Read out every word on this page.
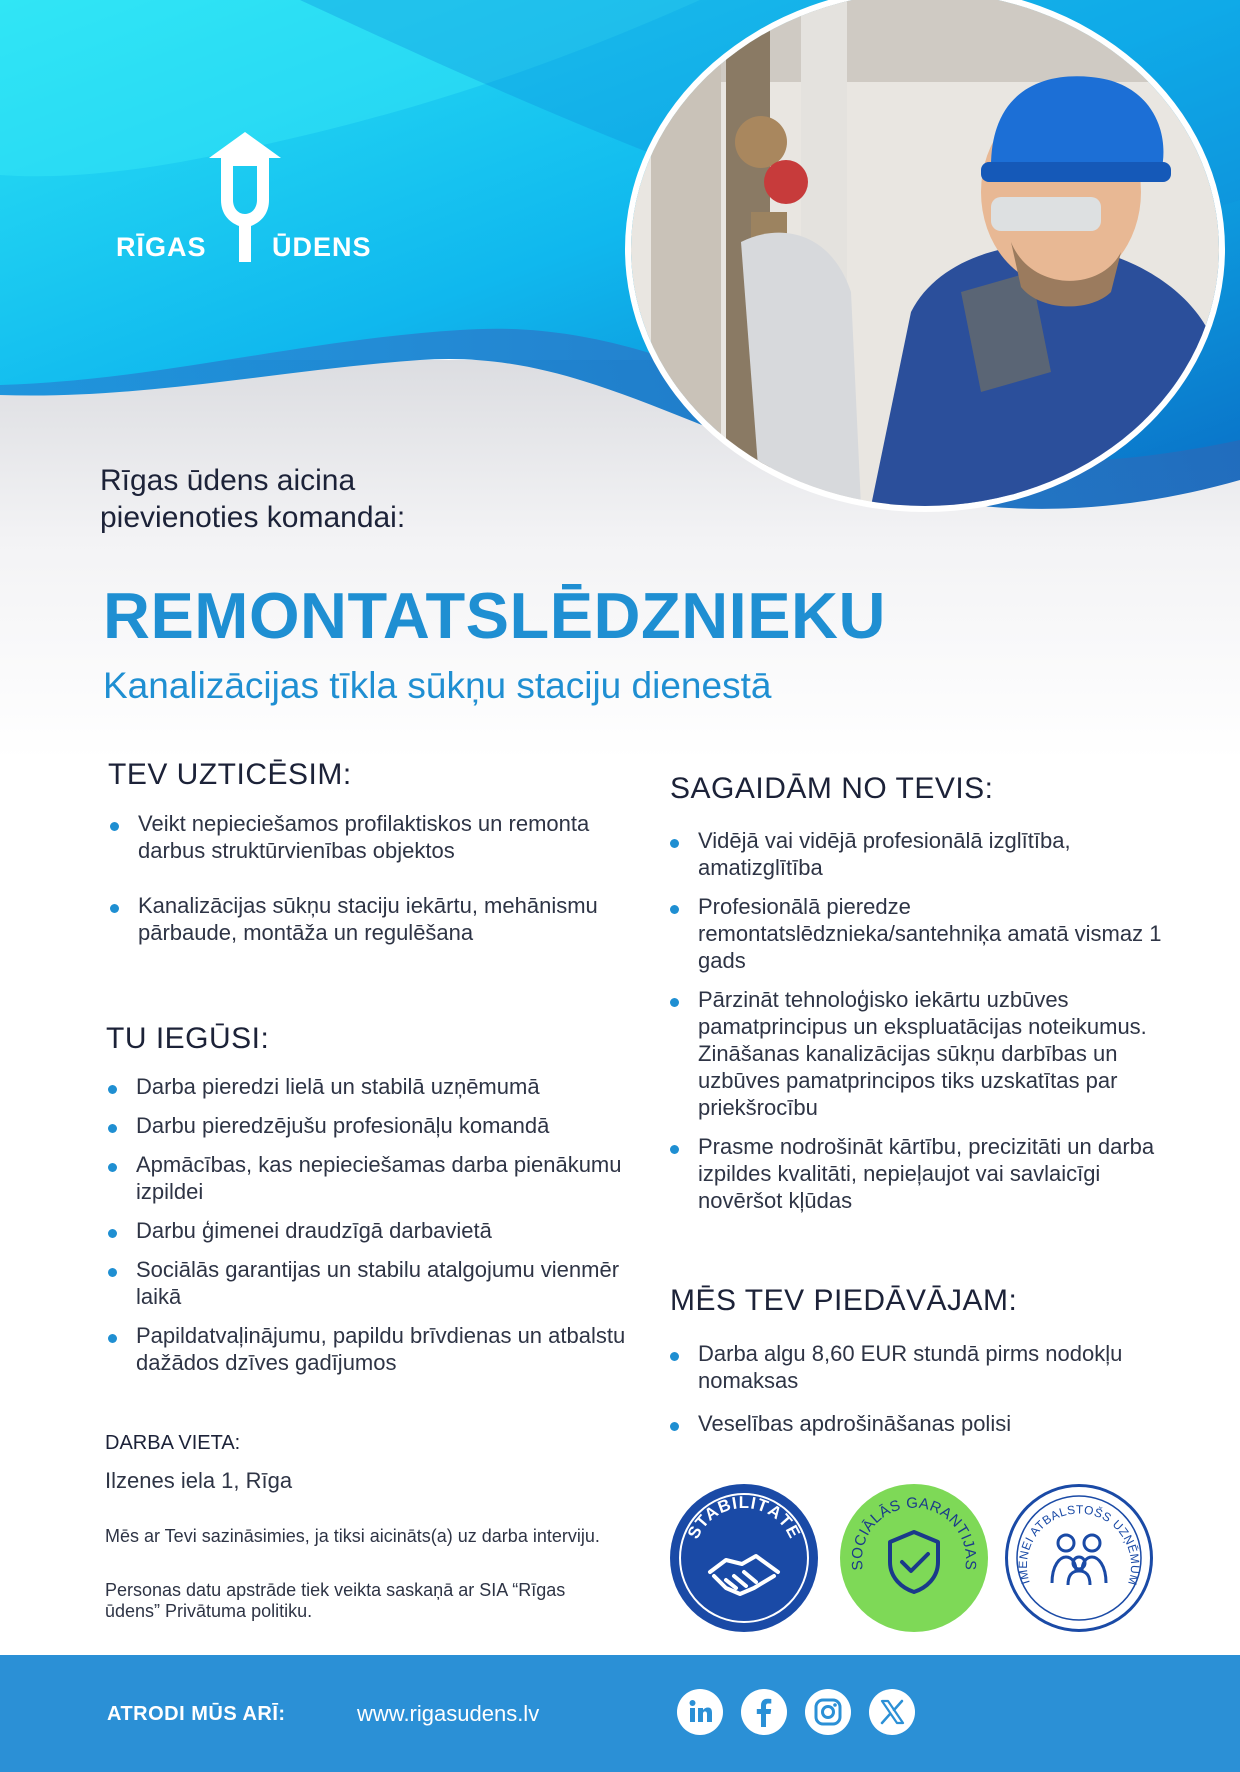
RĪGAS ŪDENS
Rīgas ūdens aicina
pievienoties komandai:
REMONTATSLĒDZNIEKU
Kanalizācijas tīkla sūkņu staciju dienestā
TEV UZTICĒSIM:
Veikt nepieciešamos profilaktiskos un remonta darbus struktūrvienības objektos
Kanalizācijas sūkņu staciju iekārtu, mehānismu pārbaude, montāža un regulēšana
TU IEGŪSI:
Darba pieredzi lielā un stabilā uzņēmumā
Darbu pieredzējušu profesionāļu komandā
Apmācības, kas nepieciešamas darba pienākumu izpildei
Darbu ģimenei draudzīgā darbavietā
Sociālās garantijas un stabilu atalgojumu vienmēr laikā
Papildatvaļinājumu, papildu brīvdienas un atbalstu dažādos dzīves gadījumos
DARBA VIETA:
Ilzenes iela 1, Rīga
Mēs ar Tevi sazināsimies, ja tiksi aicināts(a) uz darba interviju.
Personas datu apstrāde tiek veikta saskaņā ar SIA “Rīgas ūdens” Privātuma politiku.
SAGAIDĀM NO TEVIS:
Vidējā vai vidējā profesionālā izglītība, amatizglītība
Profesionālā pieredze remontatslēdznieka/santehniķa amatā vismaz 1 gads
Pārzināt tehnoloģisko iekārtu uzbūves pamatprincipus un ekspluatācijas noteikumus. Zināšanas kanalizācijas sūkņu darbības un uzbūves pamatprincipos tiks uzskatītas par priekšrocību
Prasme nodrošināt kārtību, precizitāti un darba izpildes kvalitāti, nepieļaujot vai savlaicīgi novēršot kļūdas
MĒS TEV PIEDĀVĀJAM:
Darba algu 8,60 EUR stundā pirms nodokļu nomaksas
Veselības apdrošināšanas polisi
STABILITĀTE
SOCIĀLĀS GARANTIJAS
IMENEI ATBALSTOŠS UZŅĒMUM
ATRODI MŪS ARĪ:	www.rigasudens.lv
